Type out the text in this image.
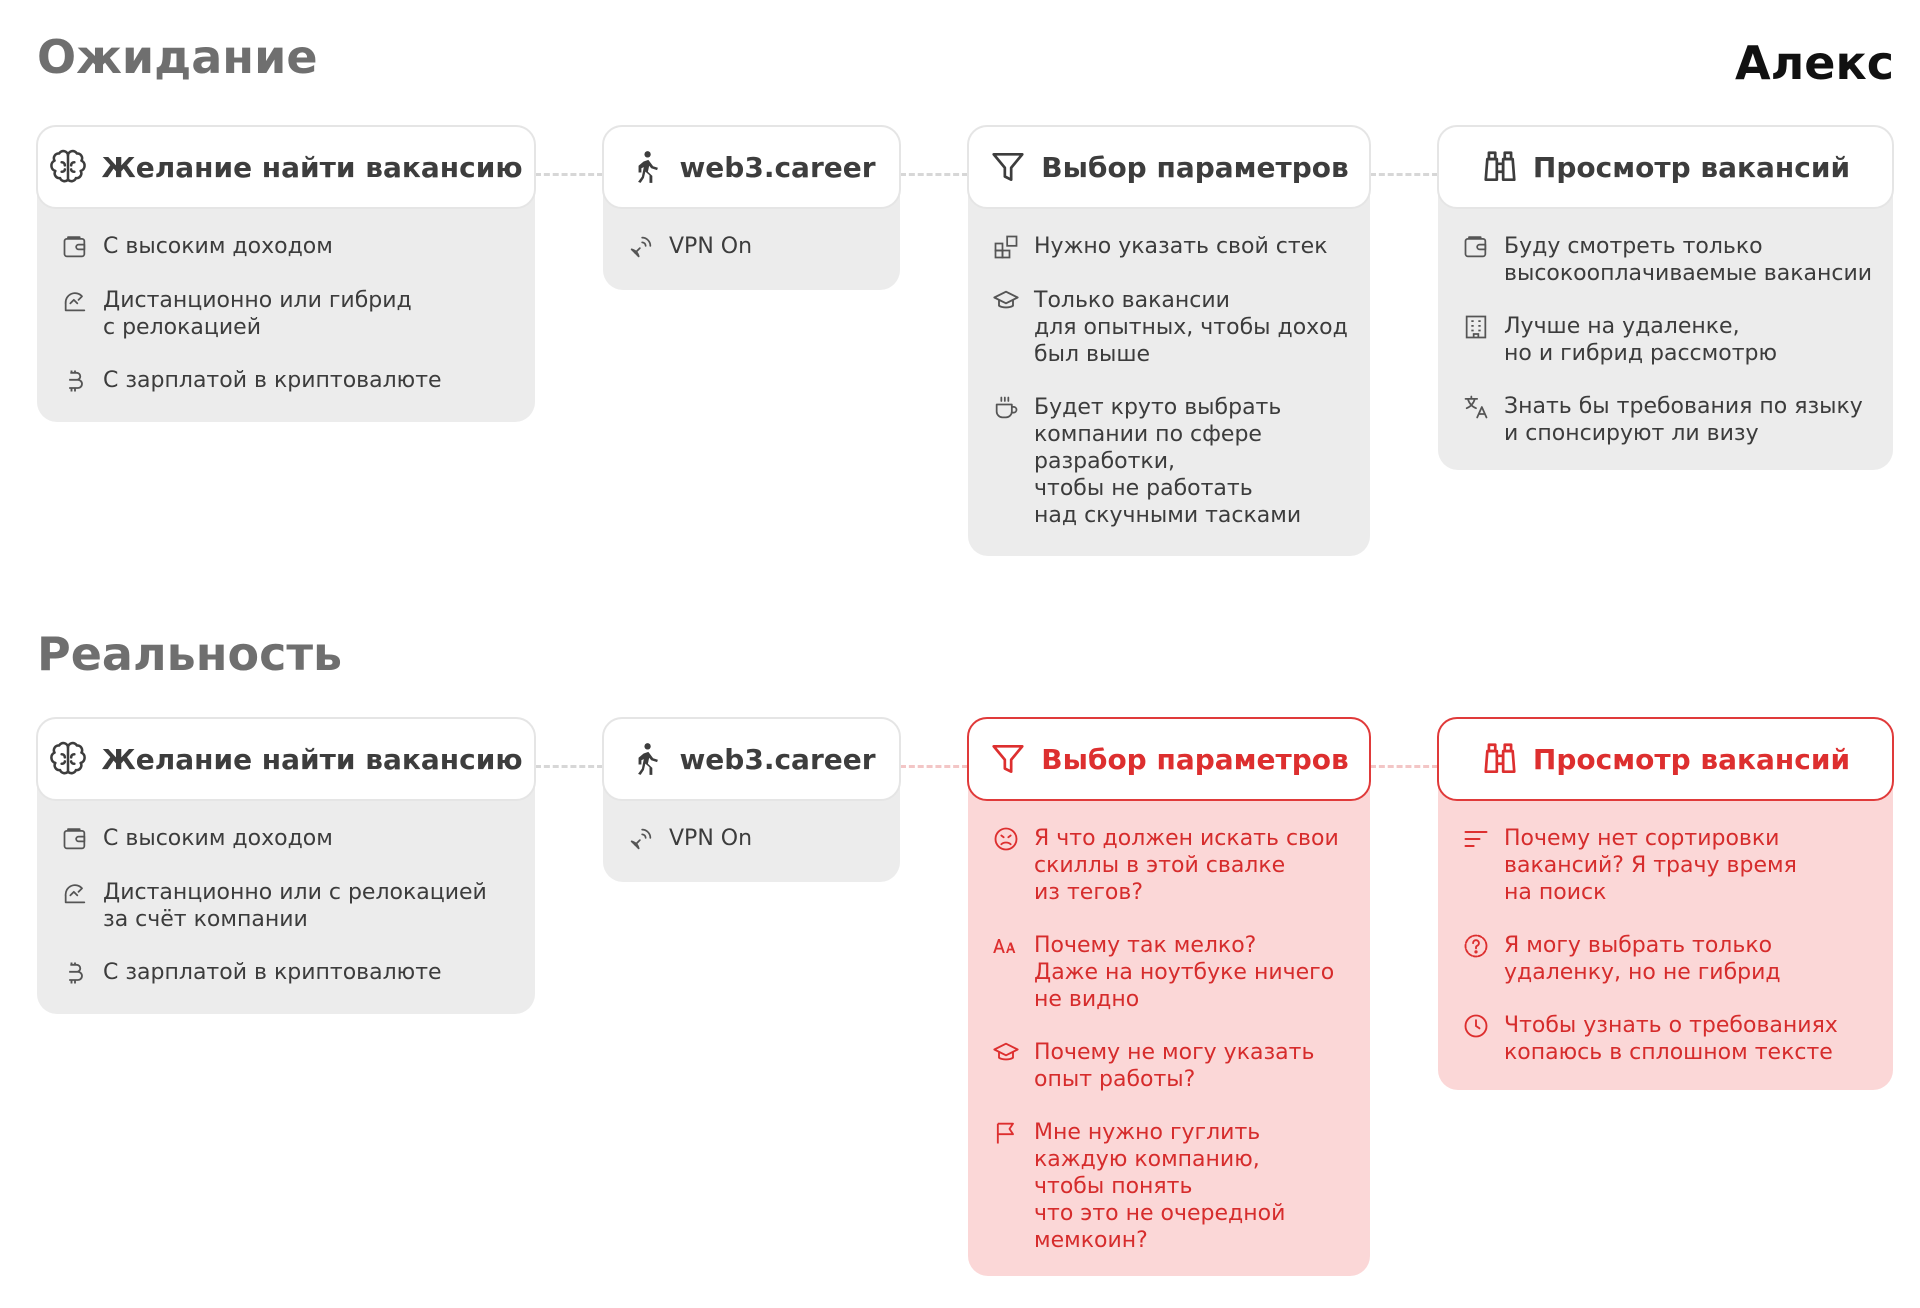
Ожидание	Алекс
Желание найти вакансию
С высоким доходом
Дистанционно или гибрид
с релокацией
С зарплатой в криптовалюте
web3.career
VPN On
Выбор параметров
Нужно указать свой стек
Только вакансии
для опытных, чтобы доход
был выше
Будет круто выбрать
компании по сфере
разработки,
чтобы не работать
над скучными тасками
Просмотр вакансий
Буду смотреть только
высокооплачиваемые вакансии
Лучше на удаленке,
но и гибрид рассмотрю
Знать бы требования по языку
и спонсируют ли визу
Реальность
Желание найти вакансию
С высоким доходом
Дистанционно или с релокацией
за счёт компании
С зарплатой в криптовалюте
web3.career
VPN On
Выбор параметров
Я что должен искать свои
скиллы в этой свалке
из тегов?
Почему так мелко?
Даже на ноутбуке ничего
не видно
Почему не могу указать
опыт работы?
Мне нужно гуглить
каждую компанию,
чтобы понять
что это не очередной
мемкоин?
Просмотр вакансий
Почему нет сортировки
вакансий? Я трачу время
на поиск
Я могу выбрать только
удаленку, но не гибрид
Чтобы узнать о требованиях
копаюсь в сплошном тексте
